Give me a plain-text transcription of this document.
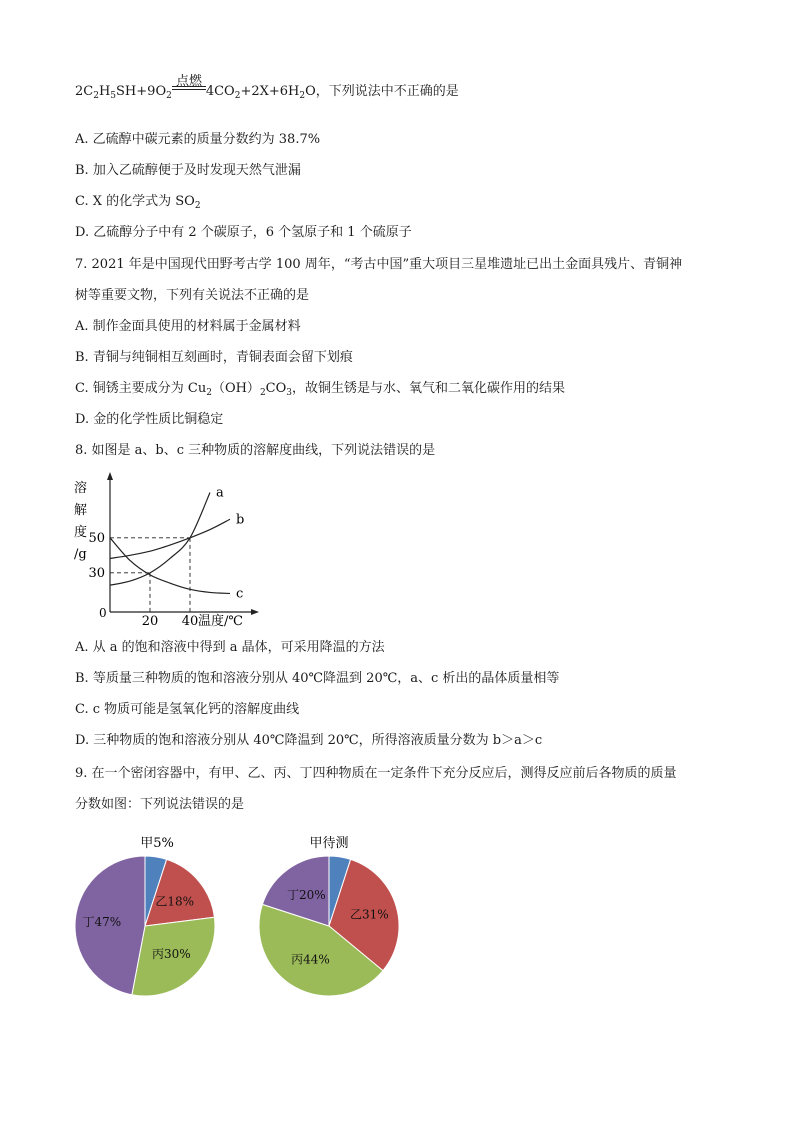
点燃
$2C_2H_5SH+9O_2$	$4CO_2+2X+6H_2O$，下列说法中不正确的是
A. 乙硫醇中碳元素的质量分数约为 38.7%
B. 加入乙硫醇便于及时发现天然气泄漏
C. X 的化学式为 $SO_2$
D. 乙硫醇分子中有 2 个碳原子，6 个氢原子和 1 个硫原子
7. 2021 年是中国现代田野考古学 100 周年，“考古中国”重大项目三星堆遗址已出土金面具残片、青铜神
树等重要文物，下列有关说法不正确的是
A. 制作金面具使用的材料属于金属材料
B. 青铜与纯铜相互刻画时，青铜表面会留下划痕
C. 铜锈主要成分为 $Cu_2(OH)_2CO_3$，故铜生锈是与水、氧气和二氧化碳作用的结果
D. 金的化学性质比铜稳定
8. 如图是 a、b、c 三种物质的溶解度曲线，下列说法错误的是
溶
解
度
/g
a
b
c
20 40
30
50
0
温度/℃
A. 从 a 的饱和溶液中得到 a 晶体，可采用降温的方法
B. 等质量三种物质的饱和溶液分别从 40℃降温到 20℃，a、c 析出的晶体质量相等
C. c 物质可能是氢氧化钙的溶解度曲线
D. 三种物质的饱和溶液分别从 40℃降温到 20℃，所得溶液质量分数为 b＞a＞c
9. 在一个密闭容器中，有甲、乙、丙、丁四种物质在一定条件下充分反应后，测得反应前后各物质的质量
分数如图：下列说法错误的是
甲5%
乙18%
丙30%
丁47%
甲待测
乙31%
丙44%
丁20%
